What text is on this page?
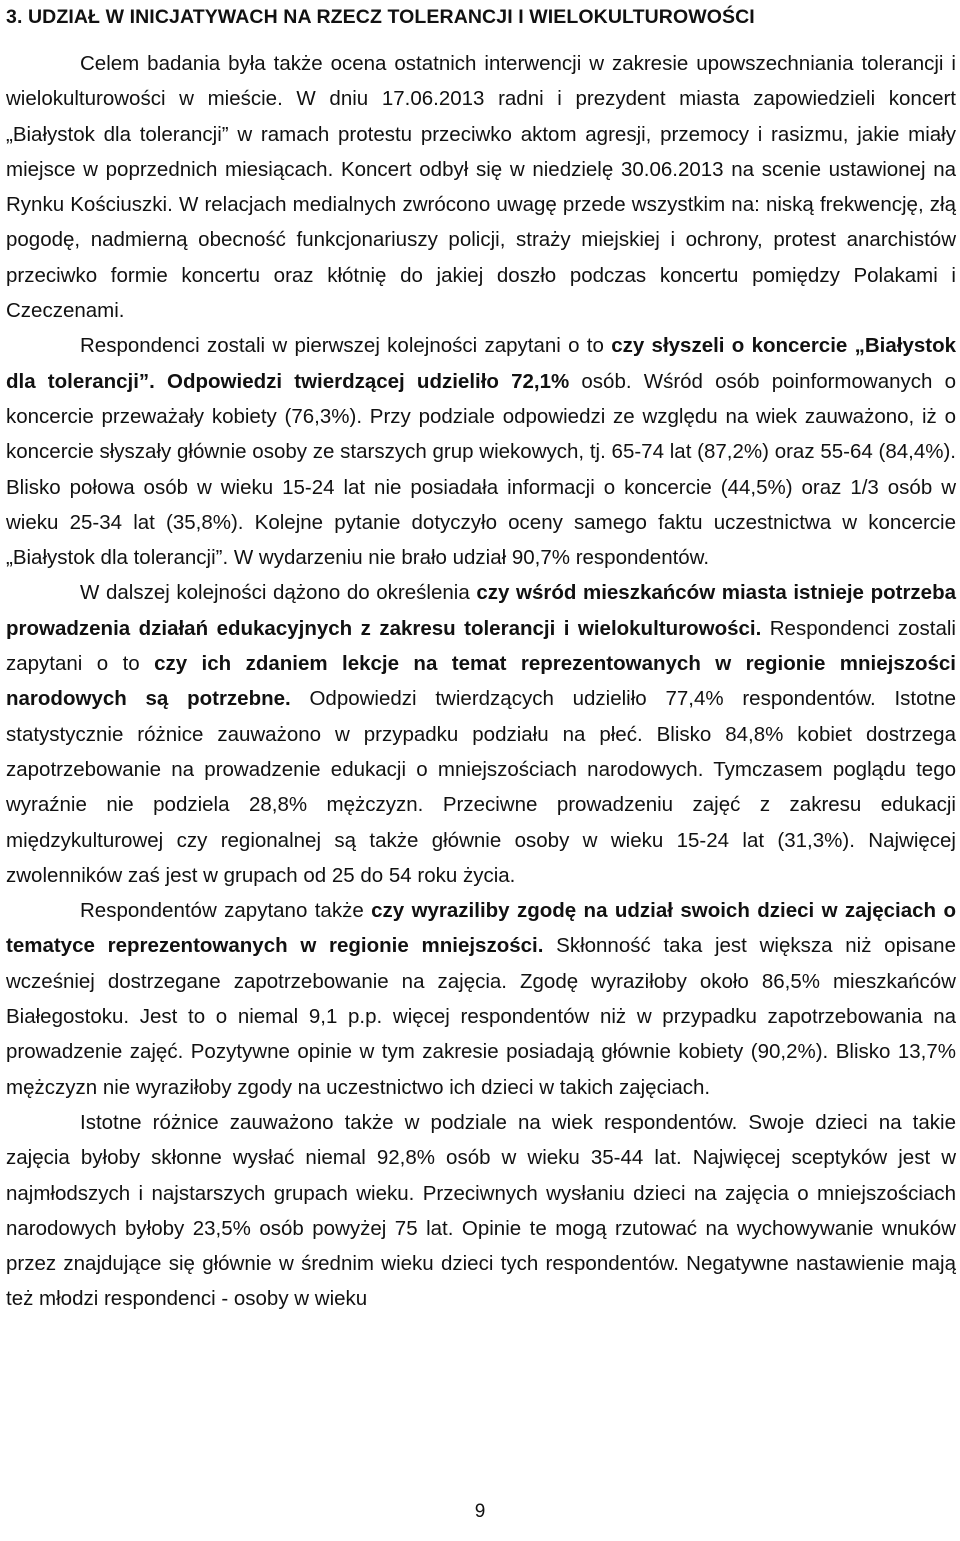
3. UDZIAŁ W INICJATYWACH NA RZECZ TOLERANCJI I WIELOKULTUROWOŚCI

Celem badania była także ocena ostatnich interwencji w zakresie upowszechniania tolerancji i wielokulturowości w mieście. W dniu 17.06.2013 radni i prezydent miasta zapowiedzieli koncert „Białystok dla tolerancji” w ramach protestu przeciwko aktom agresji, przemocy i rasizmu, jakie miały miejsce w poprzednich miesiącach. Koncert odbył się w niedzielę 30.06.2013 na scenie ustawionej na Rynku Kościuszki. W relacjach medialnych zwrócono uwagę przede wszystkim na: niską frekwencję, złą pogodę, nadmierną obecność funkcjonariuszy policji, straży miejskiej i ochrony, protest anarchistów przeciwko formie koncertu oraz kłótnię do jakiej doszło podczas koncertu pomiędzy Polakami i Czeczenami.

Respondenci zostali w pierwszej kolejności zapytani o to czy słyszeli o koncercie „Białystok dla tolerancji”. Odpowiedzi twierdzącej udzieliło 72,1% osób. Wśród osób poinformowanych o koncercie przeważały kobiety (76,3%). Przy podziale odpowiedzi ze względu na wiek zauważono, iż o koncercie słyszały głównie osoby ze starszych grup wiekowych, tj. 65-74 lat (87,2%) oraz 55-64 (84,4%). Blisko połowa osób w wieku 15-24 lat nie posiadała informacji o koncercie (44,5%) oraz 1/3 osób w wieku 25-34 lat (35,8%). Kolejne pytanie dotyczyło oceny samego faktu uczestnictwa w koncercie „Białystok dla tolerancji”. W wydarzeniu nie brało udział 90,7% respondentów.

W dalszej kolejności dążono do określenia czy wśród mieszkańców miasta istnieje potrzeba prowadzenia działań edukacyjnych z zakresu tolerancji i wielokulturowości. Respondenci zostali zapytani o to czy ich zdaniem lekcje na temat reprezentowanych w regionie mniejszości narodowych są potrzebne. Odpowiedzi twierdzących udzieliło 77,4% respondentów. Istotne statystycznie różnice zauważono w przypadku podziału na płeć. Blisko 84,8% kobiet dostrzega zapotrzebowanie na prowadzenie edukacji o mniejszościach narodowych. Tymczasem poglądu tego wyraźnie nie podziela 28,8% mężczyzn. Przeciwne prowadzeniu zajęć z zakresu edukacji międzykulturowej czy regionalnej są także głównie osoby w wieku 15-24 lat (31,3%). Najwięcej zwolenników zaś jest w grupach od 25 do 54 roku życia.

Respondentów zapytano także czy wyraziliby zgodę na udział swoich dzieci w zajęciach o tematyce reprezentowanych w regionie mniejszości. Skłonność taka jest większa niż opisane wcześniej dostrzegane zapotrzebowanie na zajęcia. Zgodę wyraziłoby około 86,5% mieszkańców Białegostoku. Jest to o niemal 9,1 p.p. więcej respondentów niż w przypadku zapotrzebowania na prowadzenie zajęć. Pozytywne opinie w tym zakresie posiadają głównie kobiety (90,2%). Blisko 13,7% mężczyzn nie wyraziłoby zgody na uczestnictwo ich dzieci w takich zajęciach.

Istotne różnice zauważono także w podziale na wiek respondentów. Swoje dzieci na takie zajęcia byłoby skłonne wysłać niemal 92,8% osób w wieku 35-44 lat. Najwięcej sceptyków jest w najmłodszych i najstarszych grupach wieku. Przeciwnych wysłaniu dzieci na zajęcia o mniejszościach narodowych byłoby 23,5% osób powyżej 75 lat. Opinie te mogą rzutować na wychowywanie wnuków przez znajdujące się głównie w średnim wieku dzieci tych respondentów. Negatywne nastawienie mają też młodzi respondenci - osoby w wieku

9
